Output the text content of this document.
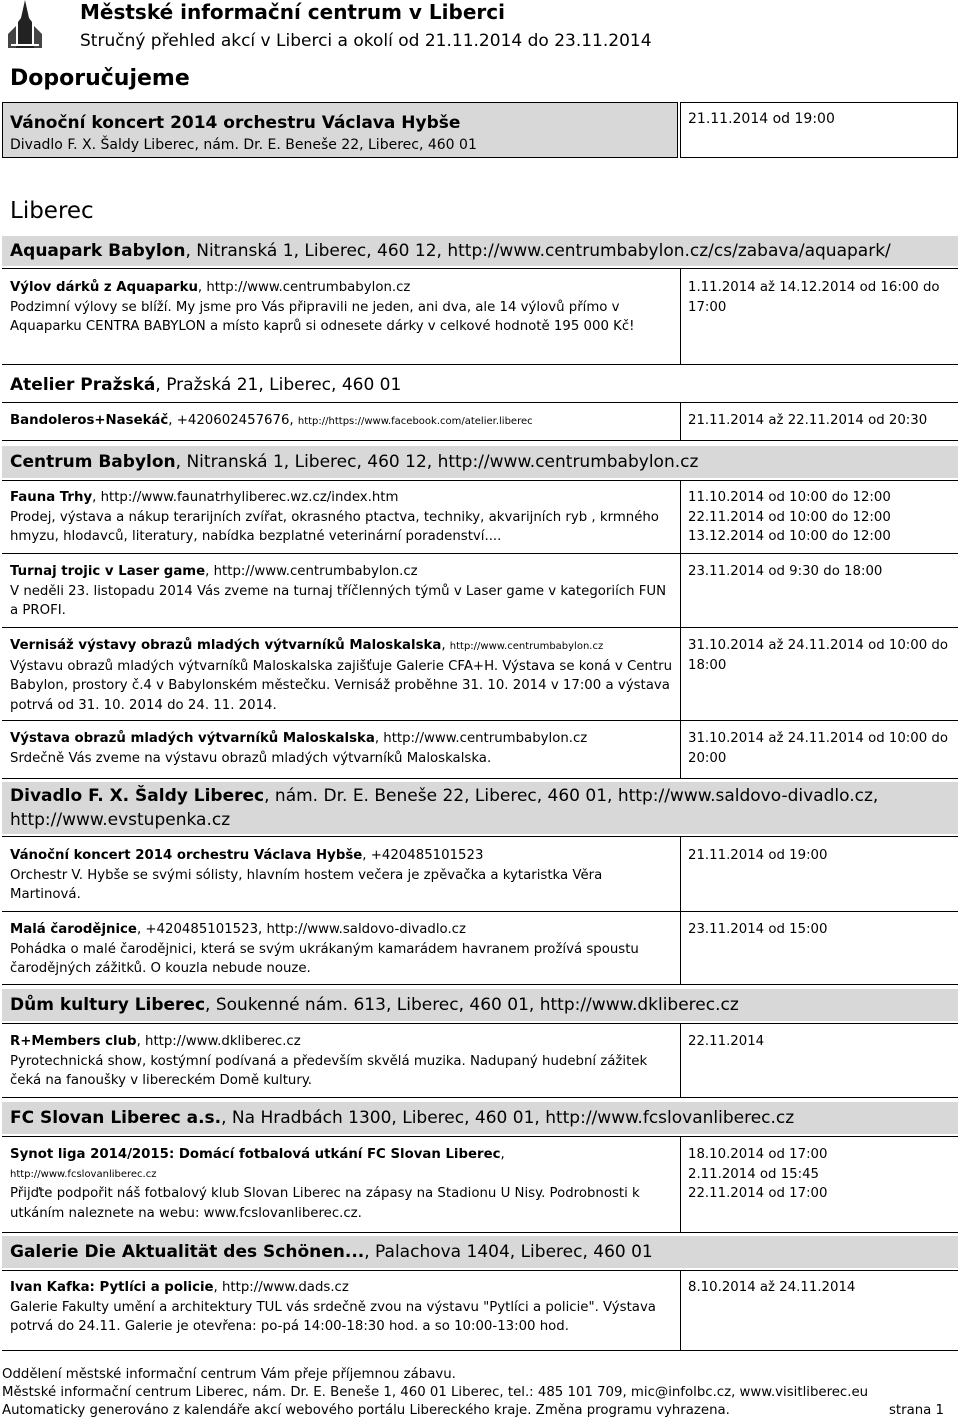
Městské informační centrum v Liberci
Stručný přehled akcí v Liberci a okolí od 21.11.2014 do 23.11.2014
Doporučujeme
Vánoční koncert 2014 orchestru Václava Hybše
Divadlo F. X. Šaldy Liberec, nám. Dr. E. Beneše 22, Liberec, 460 01
21.11.2014 od 19:00
Liberec
Aquapark Babylon, Nitranská 1, Liberec, 460 12, http://www.centrumbabylon.cz/cs/zabava/aquapark/
Výlov dárků z Aquaparku, http://www.centrumbabylon.cz
Podzimní výlovy se blíží. My jsme pro Vás připravili ne jeden, ani dva, ale 14 výlovů přímo v Aquaparku CENTRA BABYLON a místo kaprů si odnesete dárky v celkové hodnotě 195 000 Kč!
1.11.2014 až 14.12.2014 od 16:00 do 17:00
Atelier Pražská, Pražská 21, Liberec, 460 01
Bandoleros+Nasekáč, +420602457676, http://https://www.facebook.com/atelier.liberec	21.11.2014 až 22.11.2014 od 20:30
Centrum Babylon, Nitranská 1, Liberec, 460 12, http://www.centrumbabylon.cz
Fauna Trhy, http://www.faunatrhyliberec.wz.cz/index.htm
Prodej, výstava a nákup terarijních zvířat, okrasného ptactva, techniky, akvarijních ryb , krmného hmyzu, hlodavců, literatury, nabídka bezplatné veterinární poradenství....
11.10.2014 od 10:00 do 12:00
22.11.2014 od 10:00 do 12:00
13.12.2014 od 10:00 do 12:00
Turnaj trojic v Laser game, http://www.centrumbabylon.cz
V neděli 23. listopadu 2014 Vás zveme na turnaj tříčlenných týmů v Laser game v kategoriích FUN a PROFI.
23.11.2014 od 9:30 do 18:00
Vernisáž výstavy obrazů mladých výtvarníků Maloskalska, http://www.centrumbabylon.cz
Výstavu obrazů mladých výtvarníků Maloskalska zajišťuje Galerie CFA+H. Výstava se koná v Centru Babylon, prostory č.4 v Babylonském městečku. Vernisáž proběhne 31. 10. 2014 v 17:00 a výstava potrvá od 31. 10. 2014 do 24. 11. 2014.
31.10.2014 až 24.11.2014 od 10:00 do 18:00
Výstava obrazů mladých výtvarníků Maloskalska, http://www.centrumbabylon.cz
Srdečně Vás zveme na výstavu obrazů mladých výtvarníků Maloskalska.
31.10.2014 až 24.11.2014 od 10:00 do 20:00
Divadlo F. X. Šaldy Liberec, nám. Dr. E. Beneše 22, Liberec, 460 01, http://www.saldovo-divadlo.cz,
http://www.evstupenka.cz
Vánoční koncert 2014 orchestru Václava Hybše, +420485101523
Orchestr V. Hybše se svými sólisty, hlavním hostem večera je zpěvačka a kytaristka Věra Martinová.
21.11.2014 od 19:00
Malá čarodějnice, +420485101523, http://www.saldovo-divadlo.cz
Pohádka o malé čarodějnici, která se svým ukrákaným kamarádem havranem prožívá spoustu čarodějných zážitků. O kouzla nebude nouze.
23.11.2014 od 15:00
Dům kultury Liberec, Soukenné nám. 613, Liberec, 460 01, http://www.dkliberec.cz
R+Members club, http://www.dkliberec.cz
Pyrotechnická show, kostýmní podívaná a především skvělá muzika. Nadupaný hudební zážitek čeká na fanoušky v libereckém Domě kultury.
22.11.2014
FC Slovan Liberec a.s., Na Hradbách 1300, Liberec, 460 01, http://www.fcslovanliberec.cz
Synot liga 2014/2015: Domácí fotbalová utkání FC Slovan Liberec,
http://www.fcslovanliberec.cz
Přijďte podpořit náš fotbalový klub Slovan Liberec na zápasy na Stadionu U Nisy. Podrobnosti k utkáním naleznete na webu: www.fcslovanliberec.cz.
18.10.2014 od 17:00
2.11.2014 od 15:45
22.11.2014 od 17:00
Galerie Die Aktualität des Schönen..., Palachova 1404, Liberec, 460 01
Ivan Kafka: Pytlíci a policie, http://www.dads.cz
Galerie Fakulty umění a architektury TUL vás srdečně zvou na výstavu "Pytlíci a policie". Výstava potrvá do 24.11. Galerie je otevřena: po-pá 14:00-18:30 hod. a so 10:00-13:00 hod.
8.10.2014 až 24.11.2014
Oddělení městské informační centrum Vám přeje příjemnou zábavu.
Městské informační centrum Liberec, nám. Dr. E. Beneše 1, 460 01 Liberec, tel.: 485 101 709, mic@infolbc.cz, www.visitliberec.eu
Automaticky generováno z kalendáře akcí webového portálu Libereckého kraje. Změna programu vyhrazena.	strana 1
